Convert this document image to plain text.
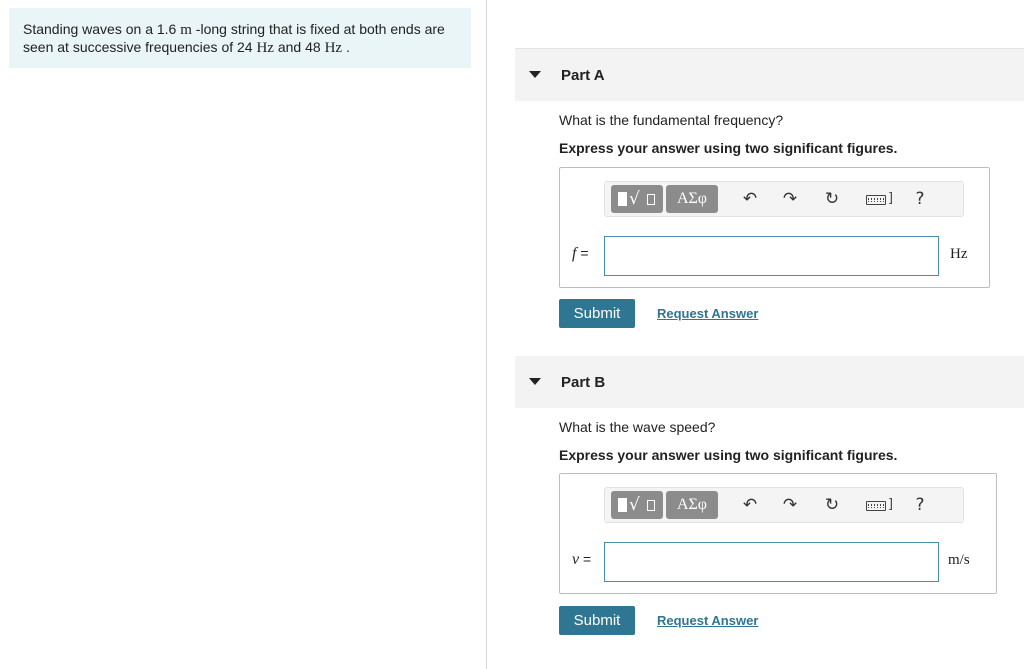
Standing waves on a 1.6 m -long string that is fixed at both ends are seen at successive frequencies of 24 Hz and 48 Hz .
Part A
What is the fundamental frequency?
Express your answer using two significant figures.
√	ΑΣφ	↶ ↷ ↻	]	?
f =	Hz
Submit	Request Answer
Part B
What is the wave speed?
Express your answer using two significant figures.
√	ΑΣφ	↶ ↷ ↻	]	?
v =	m/s
Submit	Request Answer
